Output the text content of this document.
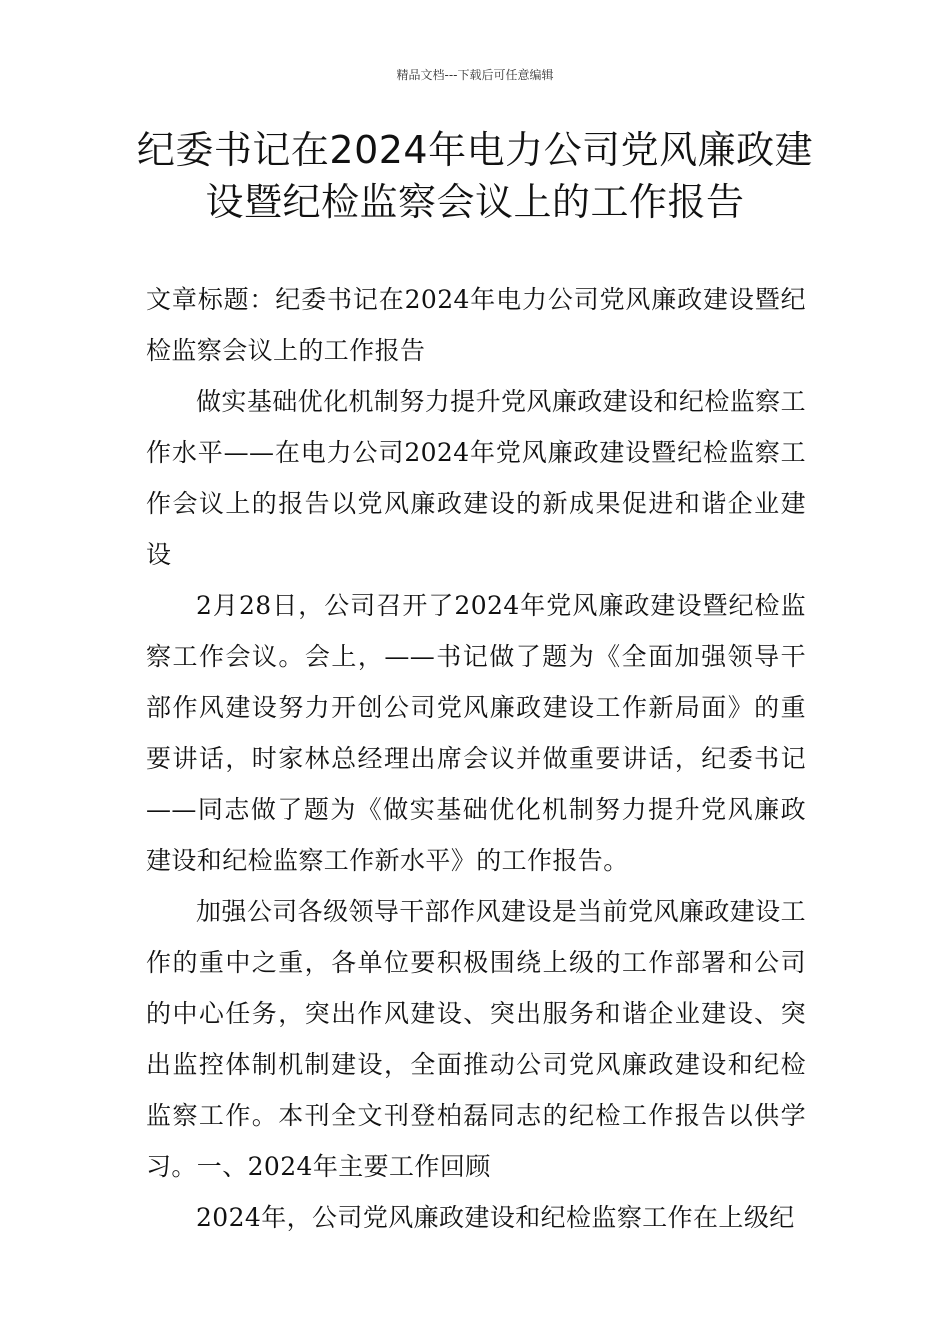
精品文档---下载后可任意编辑
纪委书记在2024年电力公司党风廉政建设暨纪检监察会议上的工作报告

文章标题：纪委书记在2024年电力公司党风廉政建设暨纪检监察会议上的工作报告

做实基础优化机制努力提升党风廉政建设和纪检监察工作水平——在电力公司2024年党风廉政建设暨纪检监察工作会议上的报告以党风廉政建设的新成果促进和谐企业建设

2月28日，公司召开了2024年党风廉政建设暨纪检监察工作会议。会上，——书记做了题为《全面加强领导干部作风建设努力开创公司党风廉政建设工作新局面》的重要讲话，时家林总经理出席会议并做重要讲话，纪委书记——同志做了题为《做实基础优化机制努力提升党风廉政建设和纪检监察工作新水平》的工作报告。

加强公司各级领导干部作风建设是当前党风廉政建设工作的重中之重，各单位要积极围绕上级的工作部署和公司的中心任务，突出作风建设、突出服务和谐企业建设、突出监控体制机制建设，全面推动公司党风廉政建设和纪检监察工作。本刊全文刊登柏磊同志的纪检工作报告以供学习。一、2024年主要工作回顾

2024年，公司党风廉政建设和纪检监察工作在上级纪
